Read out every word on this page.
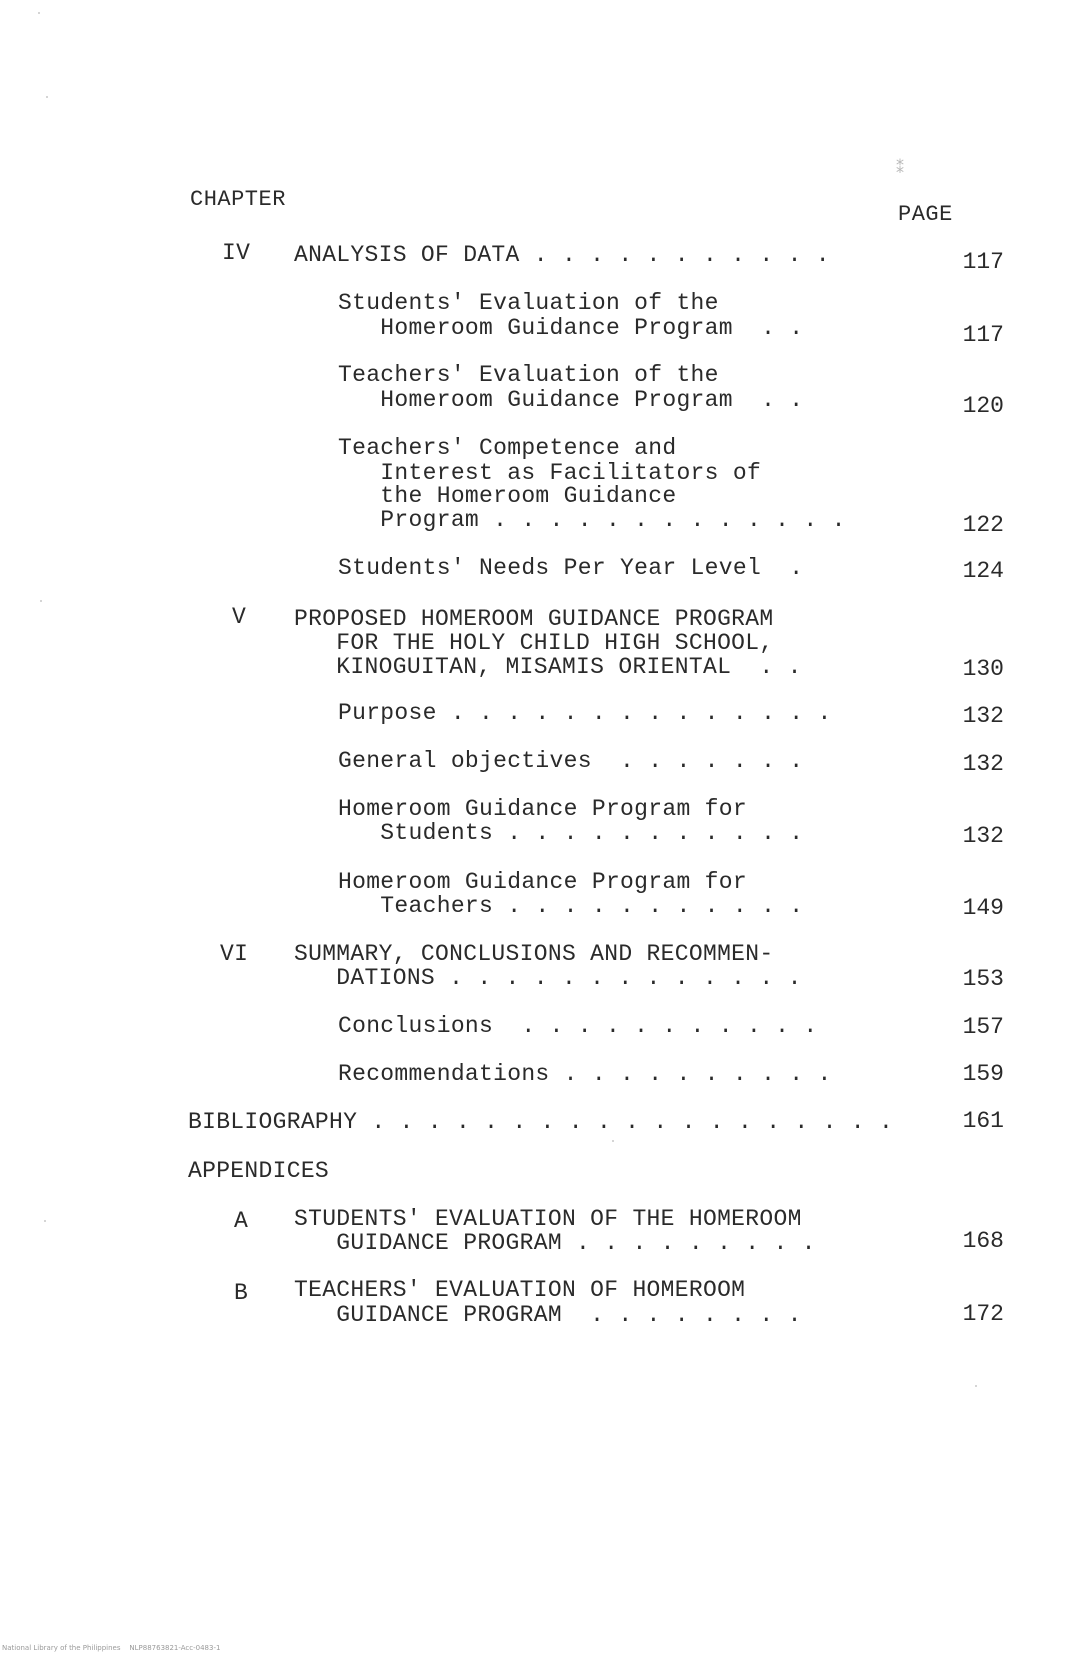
⁑
CHAPTER
PAGE
IV ANALYSIS OF DATA . . . . . . . . . . .	117
Students' Evaluation of the
Homeroom Guidance Program  . .	117
Teachers' Evaluation of the
Homeroom Guidance Program  . .	120
Teachers' Competence and
Interest as Facilitators of
the Homeroom Guidance
Program . . . . . . . . . . . . .	122
Students' Needs Per Year Level  .	124
V PROPOSED HOMEROOM GUIDANCE PROGRAM
FOR THE HOLY CHILD HIGH SCHOOL,
KINOGUITAN, MISAMIS ORIENTAL  . .	130
Purpose . . . . . . . . . . . . . .	132
General objectives  . . . . . . .	132
Homeroom Guidance Program for
Students . . . . . . . . . . .	132
Homeroom Guidance Program for
Teachers . . . . . . . . . . .	149
VI SUMMARY, CONCLUSIONS AND RECOMMEN-
DATIONS . . . . . . . . . . . . .	153
Conclusions  . . . . . . . . . . .	157
Recommendations . . . . . . . . . .	159
BIBLIOGRAPHY . . . . . . . . . . . . . . . . . . .	161
APPENDICES
A STUDENTS' EVALUATION OF THE HOMEROOM
GUIDANCE PROGRAM . . . . . . . . .	168
B TEACHERS' EVALUATION OF HOMEROOM
GUIDANCE PROGRAM  . . . . . . . .	172
National Library of the Philippines    NLP88763821-Acc-0483-1
